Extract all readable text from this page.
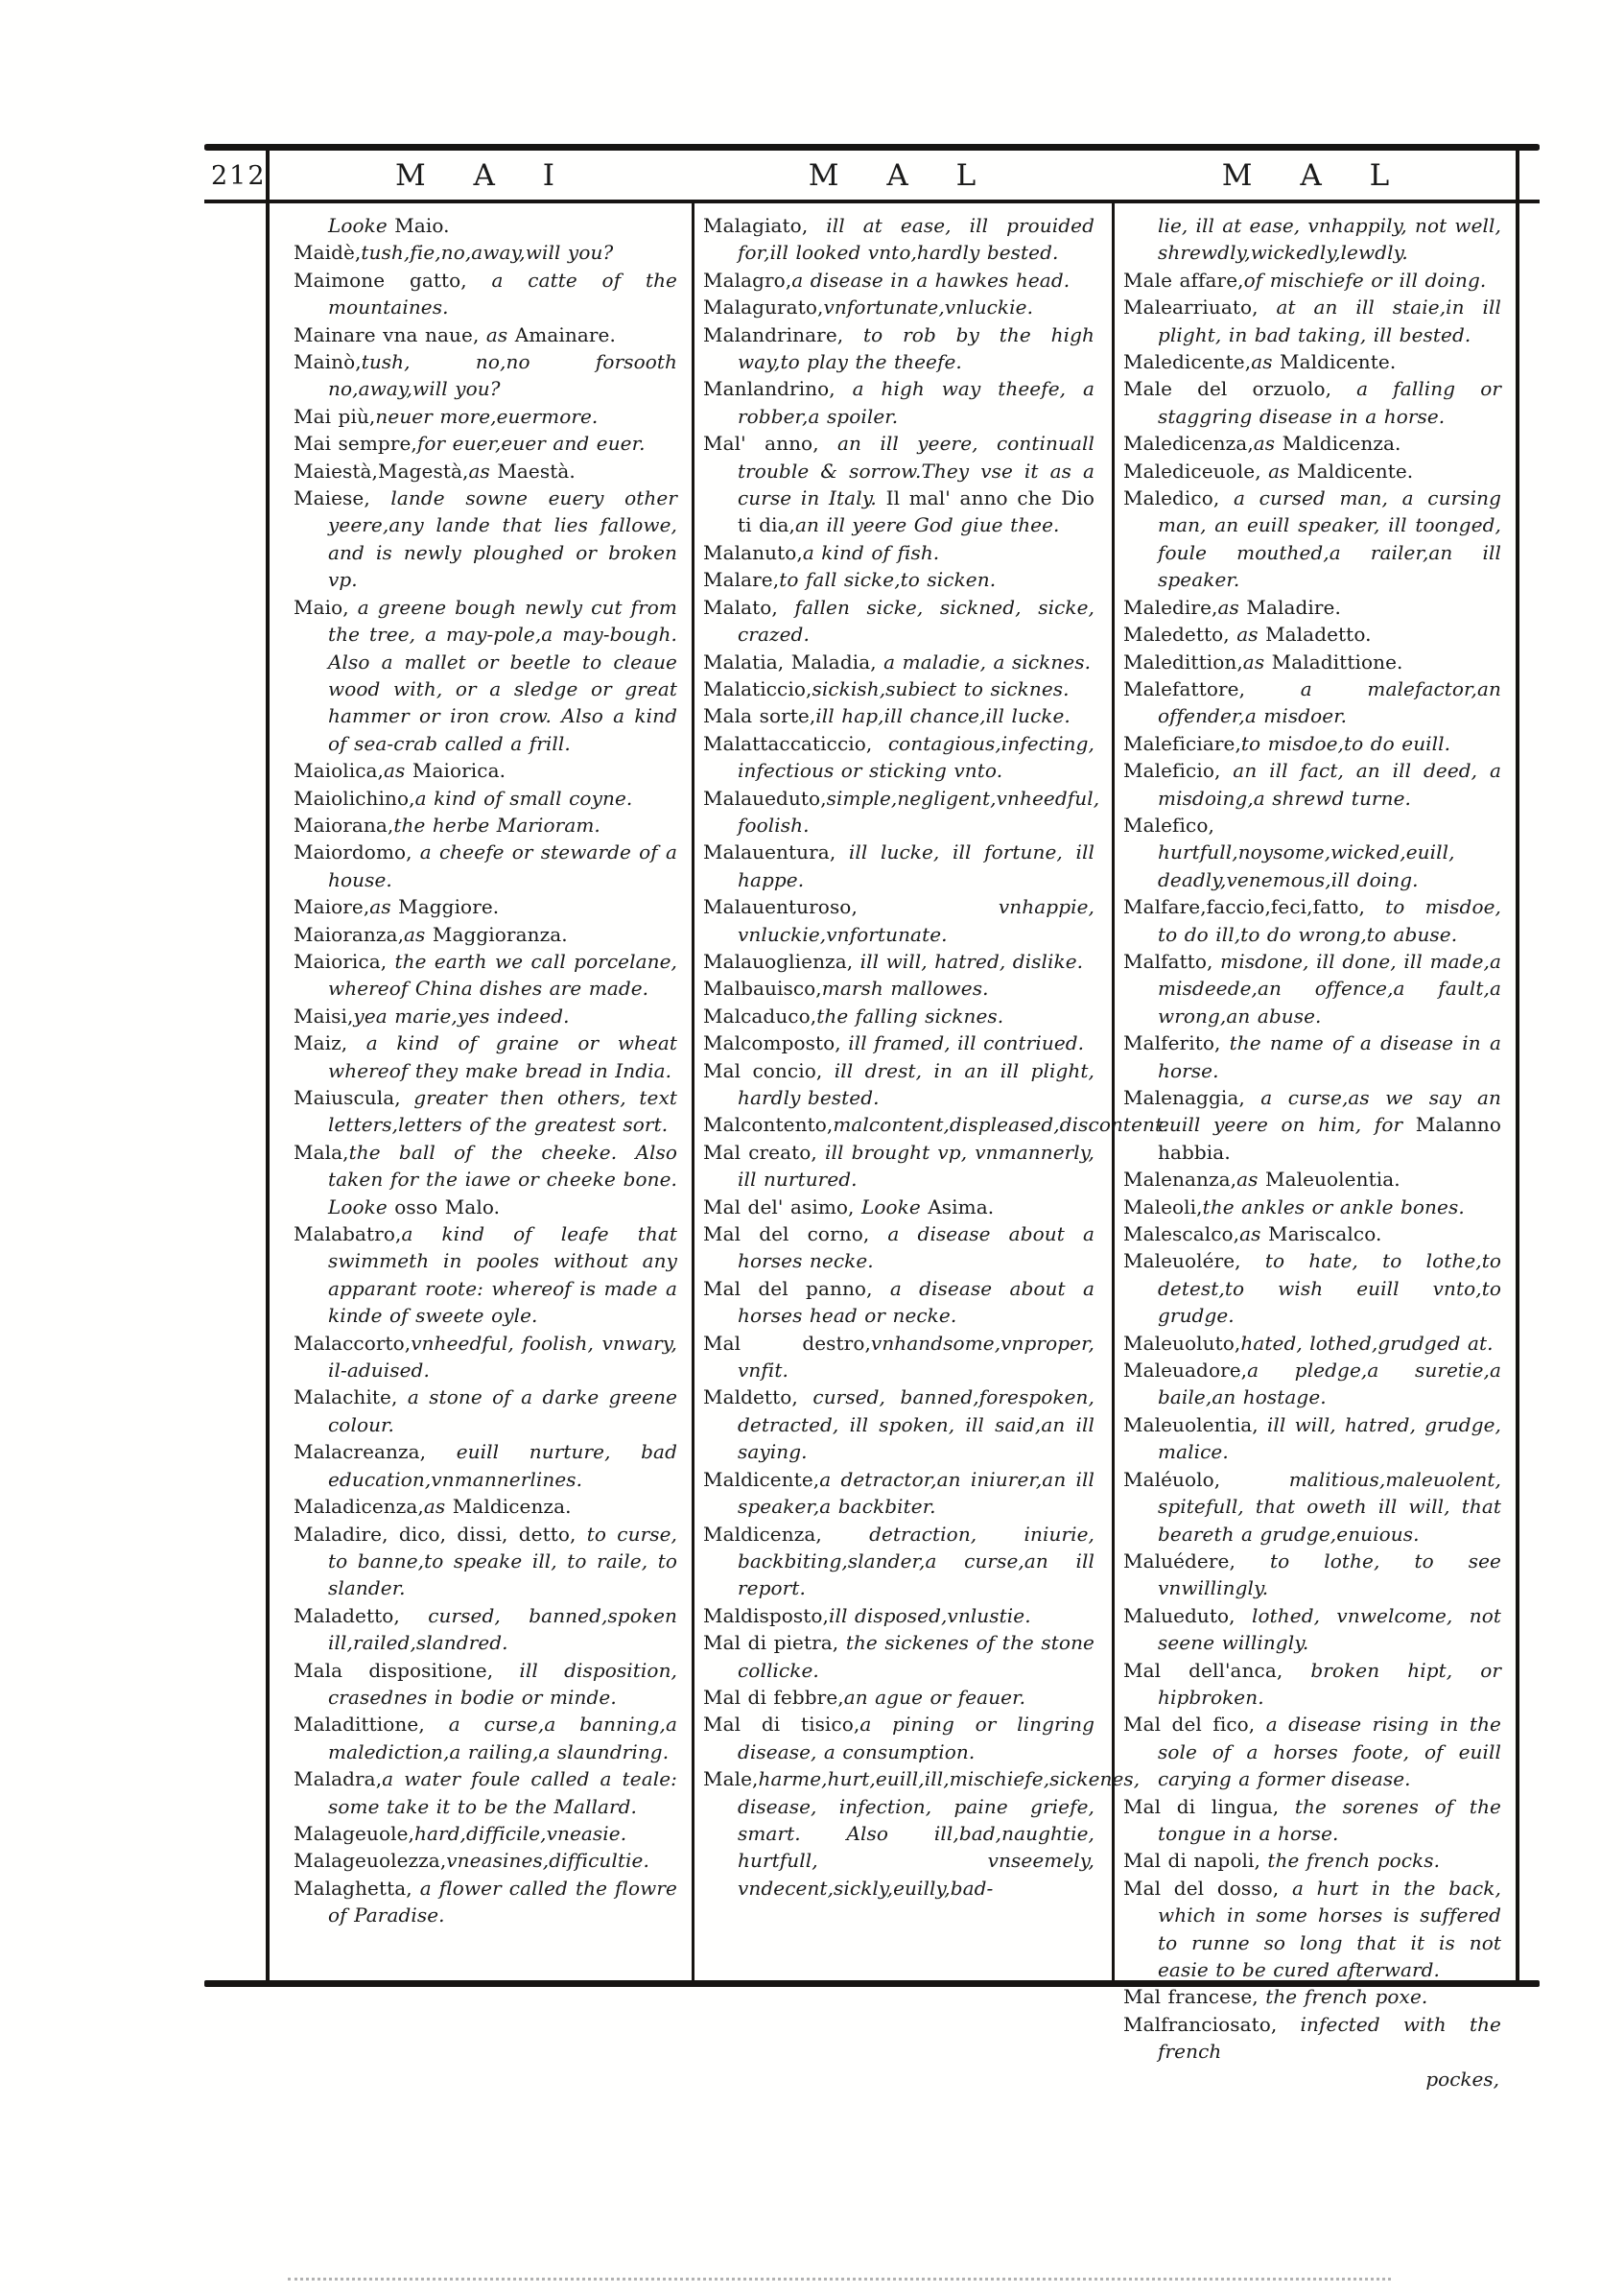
212	M A I	M A L	M A L
Looke Maio.
Maidè,tush,fie,no,away,will you?
Maimone gatto, a catte of the mountaines.
Mainare vna naue, as Amainare.
Mainò,tush, no,no forsooth no,away,will you?
Mai più,neuer more,euermore.
Mai sempre,for euer,euer and euer.
Maiestà,Magestà,as Maestà.
Maiese, lande sowne euery other yeere,any lande that lies fallowe, and is newly ploughed or broken vp.
Maio, a greene bough newly cut from the tree, a may-pole,a may-bough. Also a mallet or beetle to cleaue wood with, or a sledge or great hammer or iron crow. Also a kind of sea-crab called a frill.
Maiolica,as Maiorica.
Maiolichino,a kind of small coyne.
Maiorana,the herbe Marioram.
Maiordomo, a cheefe or stewarde of a house.
Maiore,as Maggiore.
Maioranza,as Maggioranza.
Maiorica, the earth we call porcelane, whereof China dishes are made.
Maisi,yea marie,yes indeed.
Maiz, a kind of graine or wheat whereof they make bread in India.
Maiuscula, greater then others, text letters,letters of the greatest sort.
Mala,the ball of the cheeke. Also taken for the iawe or cheeke bone. Looke osso Malo.
Malabatro,a kind of leafe that swimmeth in pooles without any apparant roote: whereof is made a kinde of sweete oyle.
Malaccorto,vnheedful, foolish, vnwary, il-aduised.
Malachite, a stone of a darke greene colour.
Malacreanza, euill nurture, bad education,vnmannerlines.
Maladicenza,as Maldicenza.
Maladire, dico, dissi, detto, to curse, to banne,to speake ill, to raile, to slander.
Maladetto, cursed, banned,spoken ill,railed,slandred.
Mala dispositione, ill disposition, crasednes in bodie or minde.
Maladittione, a curse,a banning,a malediction,a railing,a slaundring.
Maladra,a water foule called a teale: some take it to be the Mallard.
Malageuole,hard,difficile,vneasie.
Malageuolezza,vneasines,difficultie.
Malaghetta, a flower called the flowre of Paradise.
Malagiato, ill at ease, ill prouided for,ill looked vnto,hardly bested.
Malagro,a disease in a hawkes head.
Malagurato,vnfortunate,vnluckie.
Malandrinare, to rob by the high way,to play the theefe.
Manlandrino, a high way theefe, a robber,a spoiler.
Mal' anno, an ill yeere, continuall trouble & sorrow.They vse it as a curse in Italy. Il mal' anno che Dio ti dia,an ill yeere God giue thee.
Malanuto,a kind of fish.
Malare,to fall sicke,to sicken.
Malato, fallen sicke, sickned, sicke, crazed.
Malatia, Maladia, a maladie, a sicknes.
Malaticcio,sickish,subiect to sicknes.
Mala sorte,ill hap,ill chance,ill lucke.
Malattaccaticcio, contagious,infecting, infectious or sticking vnto.
Malaueduto,simple,negligent,vnheedful, foolish.
Malauentura, ill lucke, ill fortune, ill happe.
Malauenturoso, vnhappie, vnluckie,vnfortunate.
Malauoglienza, ill will, hatred, dislike.
Malbauisco,marsh mallowes.
Malcaduco,the falling sicknes.
Malcomposto, ill framed, ill contriued.
Mal concio, ill drest, in an ill plight, hardly bested.
Malcontento,malcontent,displeased,discontent.
Mal creato, ill brought vp, vnmannerly, ill nurtured.
Mal del' asimo, Looke Asima.
Mal del corno, a disease about a horses necke.
Mal del panno, a disease about a horses head or necke.
Mal destro,vnhandsome,vnproper, vnfit.
Maldetto, cursed, banned,forespoken, detracted, ill spoken, ill said,an ill saying.
Maldicente,a detractor,an iniurer,an ill speaker,a backbiter.
Maldicenza, detraction, iniurie, backbiting,slander,a curse,an ill report.
Maldisposto,ill disposed,vnlustie.
Mal di pietra, the sickenes of the stone collicke.
Mal di febbre,an ague or feauer.
Mal di tisico,a pining or lingring disease, a consumption.
Male,harme,hurt,euill,ill,mischiefe,sickenes, disease, infection, paine griefe, smart. Also ill,bad,naughtie, hurtfull, vnseemely, vndecent,sickly,euilly,bad-
lie, ill at ease, vnhappily, not well, shrewdly,wickedly,lewdly.
Male affare,of mischiefe or ill doing.
Malearriuato, at an ill staie,in ill plight, in bad taking, ill bested.
Maledicente,as Maldicente.
Male del orzuolo, a falling or staggring disease in a horse.
Maledicenza,as Maldicenza.
Malediceuole, as Maldicente.
Maledico, a cursed man, a cursing man, an euill speaker, ill toonged, foule mouthed,a railer,an ill speaker.
Maledire,as Maladire.
Maledetto, as Maladetto.
Maledittion,as Maladittione.
Malefattore, a malefactor,an offender,a misdoer.
Maleficiare,to misdoe,to do euill.
Maleficio, an ill fact, an ill deed, a misdoing,a shrewd turne.
Malefico, hurtfull,noysome,wicked,euill, deadly,venemous,ill doing.
Malfare,faccio,feci,fatto, to misdoe, to do ill,to do wrong,to abuse.
Malfatto, misdone, ill done, ill made,a misdeede,an offence,a fault,a wrong,an abuse.
Malferito, the name of a disease in a horse.
Malenaggia, a curse,as we say an euill yeere on him, for Malanno habbia.
Malenanza,as Maleuolentia.
Maleoli,the ankles or ankle bones.
Malescalco,as Mariscalco.
Maleuolére, to hate, to lothe,to detest,to wish euill vnto,to grudge.
Maleuoluto,hated, lothed,grudged at.
Maleuadore,a pledge,a suretie,a baile,an hostage.
Maleuolentia, ill will, hatred, grudge, malice.
Maléuolo, malitious,maleuolent, spitefull, that oweth ill will, that beareth a grudge,enuious.
Maluédere, to lothe, to see vnwillingly.
Malueduto, lothed, vnwelcome, not seene willingly.
Mal dell'anca, broken hipt, or hipbroken.
Mal del fico, a disease rising in the sole of a horses foote, of euill carying a former disease.
Mal di lingua, the sorenes of the tongue in a horse.
Mal di napoli, the french pocks.
Mal del dosso, a hurt in the back, which in some horses is suffered to runne so long that it is not easie to be cured afterward.
Mal francese, the french poxe.
Malfranciosato, infected with the french
pockes,
